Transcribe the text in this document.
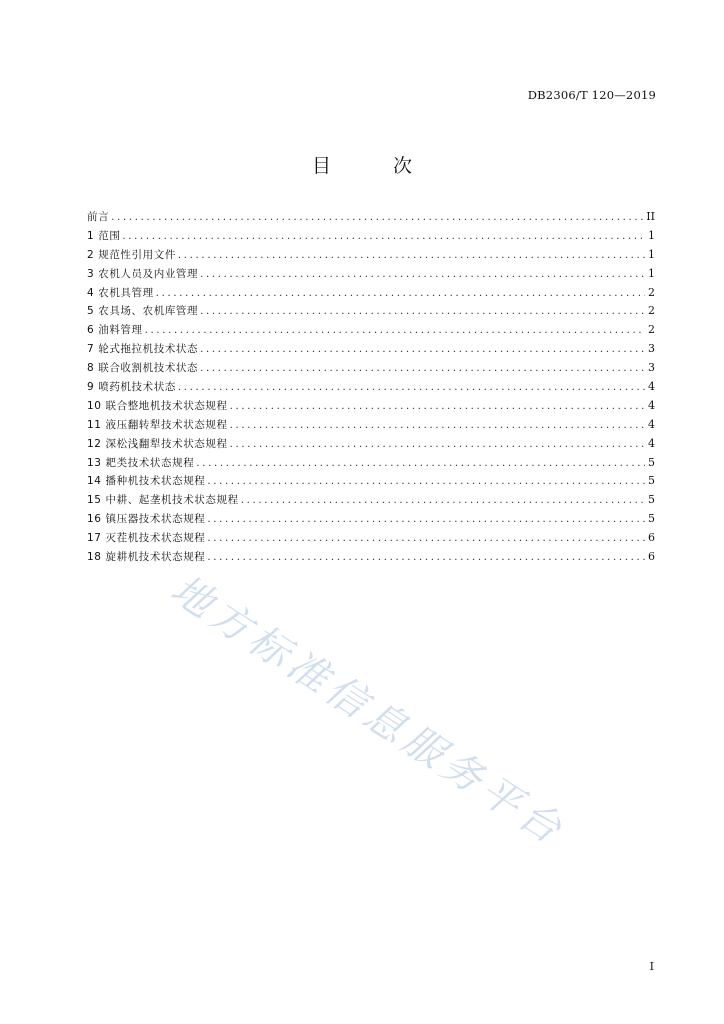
DB2306/T 120—2019
目 次
前言 .....	II
1 范围 .....	1
2 规范性引用文件 .....	1
3 农机人员及内业管理 .....	1
4 农机具管理 .....	2
5 农具场、农机库管理 .....	2
6 油料管理 .....	2
7 轮式拖拉机技术状态 .....	3
8 联合收割机技术状态 .....	3
9 喷药机技术状态 .....	4
10 联合整地机技术状态规程 .....	4
11 液压翻转犁技术状态规程 .....	4
12 深松浅翻犁技术状态规程 .....	4
13 耙类技术状态规程 .....	5
14 播种机技术状态规程 .....	5
15 中耕、起垄机技术状态规程 .....	5
16 镇压器技术状态规程 .....	5
17 灭茬机技术状态规程 .....	6
18 旋耕机技术状态规程 .....	6
地方标准信息服务平台
I
